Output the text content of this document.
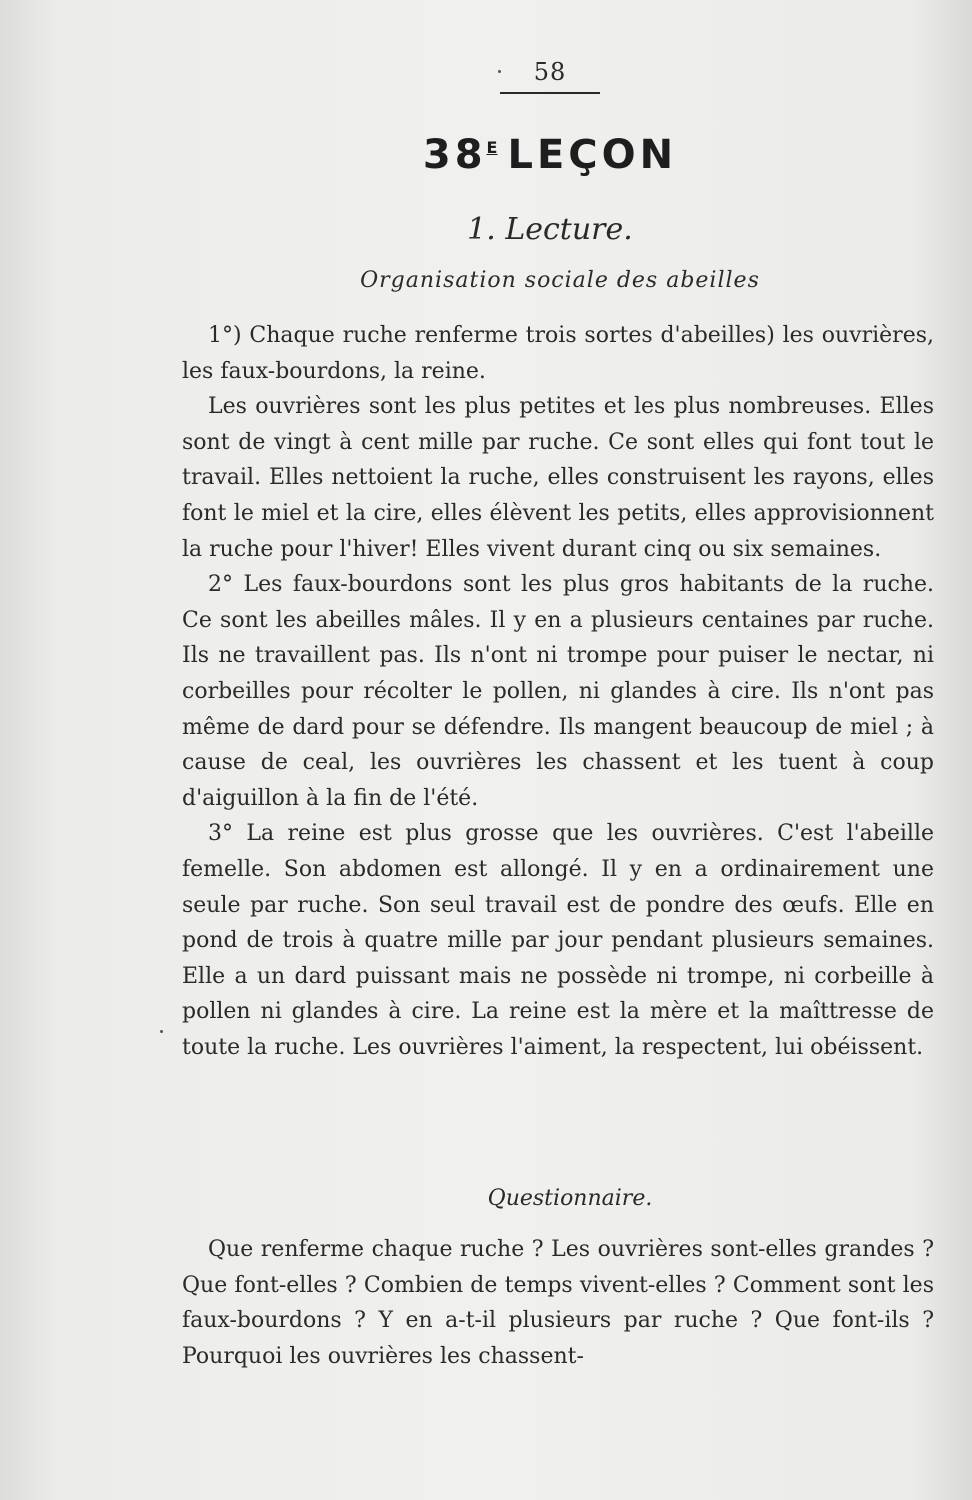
58
$38^E$ LEÇON
1. Lecture.
Organisation sociale des abeilles

1°) Chaque ruche renferme trois sortes d'abeilles) les ouvrières, les faux-bourdons, la reine.

Les ouvrières sont les plus petites et les plus nombreuses. Elles sont de vingt à cent mille par ruche. Ce sont elles qui font tout le travail. Elles nettoient la ruche, elles construisent les rayons, elles font le miel et la cire, elles élèvent les petits, elles approvisionnent la ruche pour l'hiver! Elles vivent durant cinq ou six semaines.

2° Les faux-bourdons sont les plus gros habitants de la ruche. Ce sont les abeilles mâles. Il y en a plusieurs centaines par ruche. Ils ne travaillent pas. Ils n'ont ni trompe pour puiser le nectar, ni corbeilles pour récolter le pollen, ni glandes à cire. Ils n'ont pas même de dard pour se défendre. Ils mangent beaucoup de miel ; à cause de ceal, les ouvrières les chassent et les tuent à coup d'aiguillon à la fin de l'été.

3° La reine est plus grosse que les ouvrières. C'est l'abeille femelle. Son abdomen est allongé. Il y en a ordinairement une seule par ruche. Son seul travail est de pondre des œufs. Elle en pond de trois à quatre mille par jour pendant plusieurs semaines. Elle a un dard puissant mais ne possède ni trompe, ni corbeille à pollen ni glandes à cire. La reine est la mère et la maîttresse de toute la ruche. Les ouvrières l'aiment, la respectent, lui obéissent.

Questionnaire.

Que renferme chaque ruche ? Les ouvrières sont-elles grandes ? Que font-elles ? Combien de temps vivent-elles ? Comment sont les faux-bourdons ? Y en a-t-il plusieurs par ruche ? Que font-ils ? Pourquoi les ouvrières les chassent-
